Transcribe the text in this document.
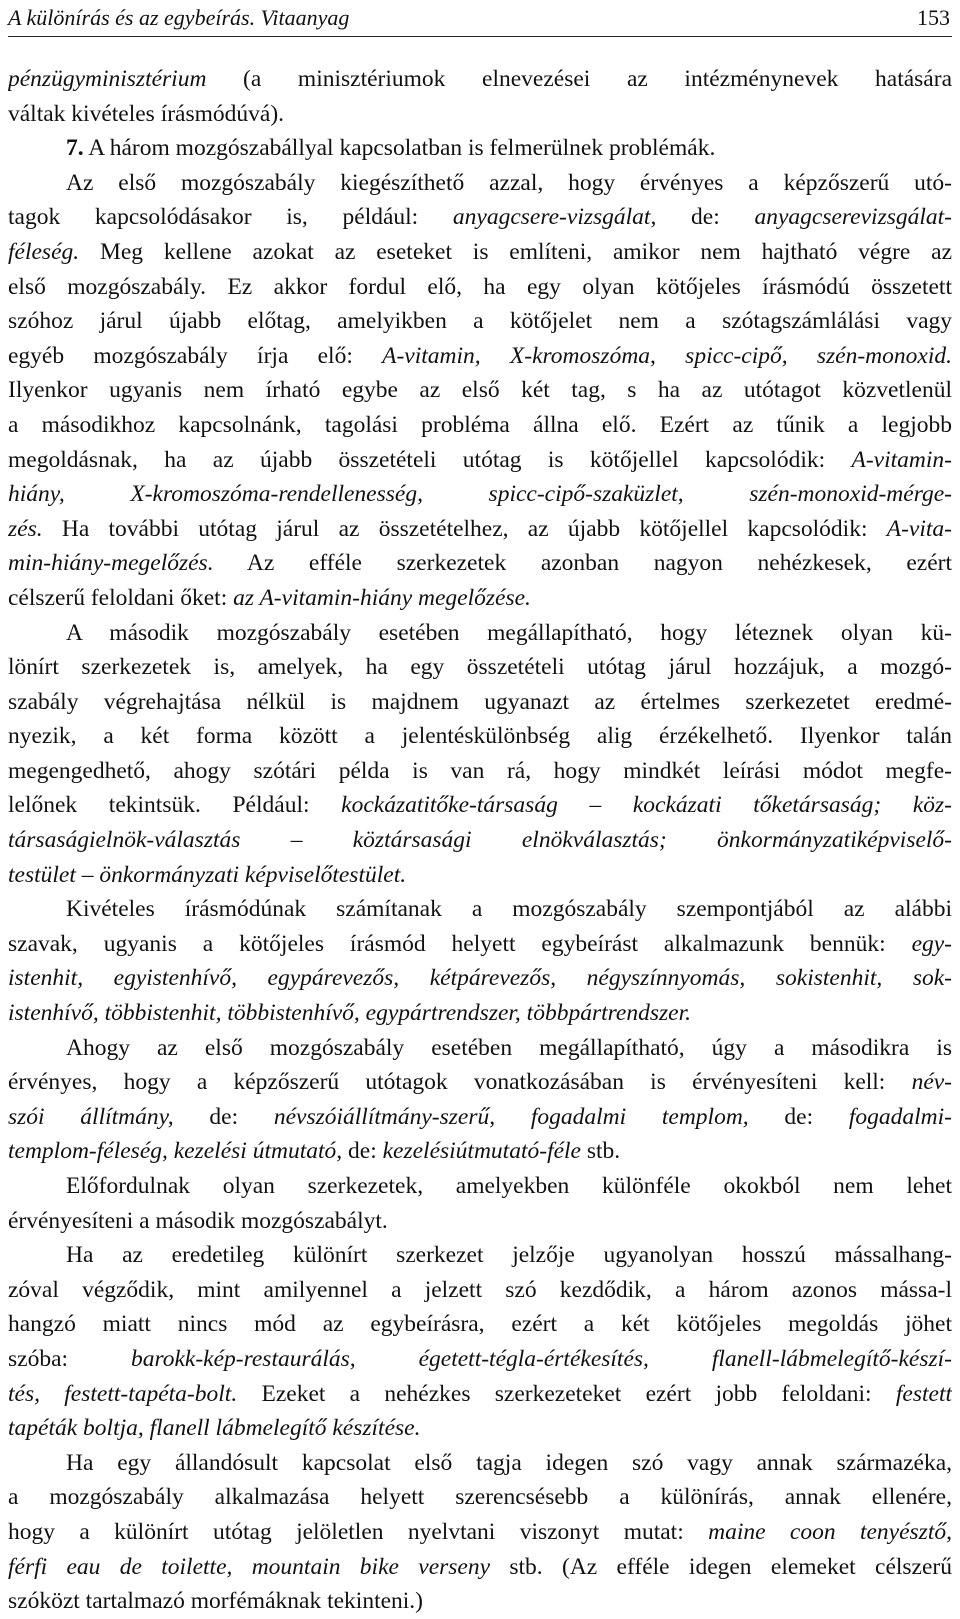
A különírás és az egybeírás. Vitaanyag	153
pénzügyminisztérium (a minisztériumok elnevezései az intézménynevek hatására
váltak kivételes írásmódúvá).
7. A három mozgószabállyal kapcsolatban is felmerülnek problémák.
Az első mozgószabály kiegészíthető azzal, hogy érvényes a képzőszerű utó-
tagok kapcsolódásakor is, például: anyagcsere-vizsgálat, de: anyagcserevizsgálat-
féleség. Meg kellene azokat az eseteket is említeni, amikor nem hajtható végre az
első mozgószabály. Ez akkor fordul elő, ha egy olyan kötőjeles írásmódú összetett
szóhoz járul újabb előtag, amelyikben a kötőjelet nem a szótagszámlálási vagy
egyéb mozgószabály írja elő: A-vitamin, X-kromoszóma, spicc-cipő, szén-monoxid.
Ilyenkor ugyanis nem írható egybe az első két tag, s ha az utótagot közvetlenül
a másodikhoz kapcsolnánk, tagolási probléma állna elő. Ezért az tűnik a legjobb
megoldásnak, ha az újabb összetételi utótag is kötőjellel kapcsolódik: A-vitamin-
hiány, X-kromoszóma-rendellenesség, spicc-cipő-szaküzlet, szén-monoxid-mérge-
zés. Ha további utótag járul az összetételhez, az újabb kötőjellel kapcsolódik: A-vita-
min-hiány-megelőzés. Az efféle szerkezetek azonban nagyon nehézkesek, ezért
célszerű feloldani őket: az A-vitamin-hiány megelőzése.
A második mozgószabály esetében megállapítható, hogy léteznek olyan kü-
lönírt szerkezetek is, amelyek, ha egy összetételi utótag járul hozzájuk, a mozgó-
szabály végrehajtása nélkül is majdnem ugyanazt az értelmes szerkezetet eredmé-
nyezik, a két forma között a jelentéskülönbség alig érzékelhető. Ilyenkor talán
megengedhető, ahogy szótári példa is van rá, hogy mindkét leírási módot megfe-
lelőnek tekintsük. Például: kockázatitőke-társaság – kockázati tőketársaság; köz-
társaságielnök-választás – köztársasági elnökválasztás; önkormányzatiképviselő-
testület – önkormányzati képviselőtestület.
Kivételes írásmódúnak számítanak a mozgószabály szempontjából az alábbi
szavak, ugyanis a kötőjeles írásmód helyett egybeírást alkalmazunk bennük: egy-
istenhit, egyistenhívő, egypárevezős, kétpárevezős, négyszínnyomás, sokistenhit, sok-
istenhívő, többistenhit, többistenhívő, egypártrendszer, többpártrendszer.
Ahogy az első mozgószabály esetében megállapítható, úgy a másodikra is
érvényes, hogy a képzőszerű utótagok vonatkozásában is érvényesíteni kell: név-
szói állítmány, de: névszóiállítmány-szerű, fogadalmi templom, de: fogadalmi-
templom-féleség, kezelési útmutató, de: kezelésiútmutató-féle stb.
Előfordulnak olyan szerkezetek, amelyekben különféle okokból nem lehet
érvényesíteni a második mozgószabályt.
Ha az eredetileg különírt szerkezet jelzője ugyanolyan hosszú mássalhang-
zóval végződik, mint amilyennel a jelzett szó kezdődik, a három azonos mássa-l
hangzó miatt nincs mód az egybeírásra, ezért a két kötőjeles megoldás jöhet
szóba: barokk-kép-restaurálás, égetett-tégla-értékesítés, flanell-lábmelegítő-készí-
tés, festett-tapéta-bolt. Ezeket a nehézkes szerkezeteket ezért jobb feloldani: festett
tapéták boltja, flanell lábmelegítő készítése.
Ha egy állandósult kapcsolat első tagja idegen szó vagy annak származéka,
a mozgószabály alkalmazása helyett szerencsésebb a különírás, annak ellenére,
hogy a különírt utótag jelöletlen nyelvtani viszonyt mutat: maine coon tenyésztő,
férfi eau de toilette, mountain bike verseny stb. (Az efféle idegen elemeket célszerű
szóközt tartalmazó morfémáknak tekinteni.)
